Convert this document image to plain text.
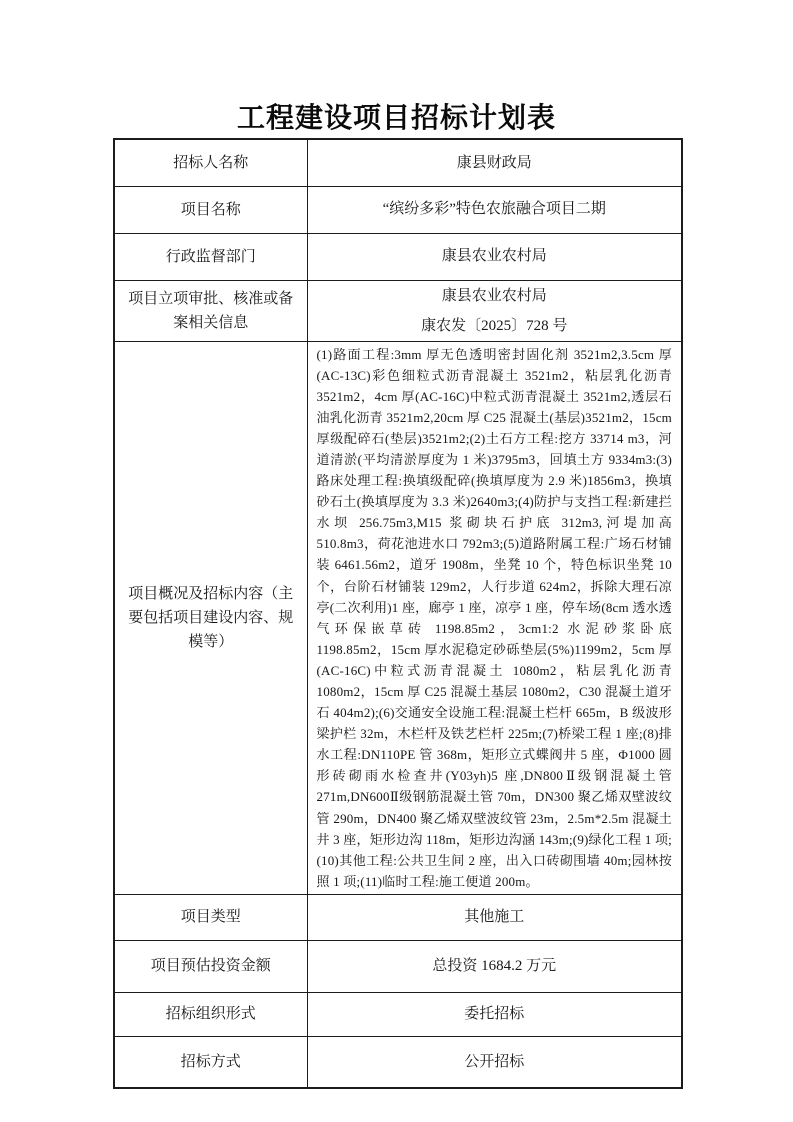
工程建设项目招标计划表
招标人名称	康县财政局
项目名称	“缤纷多彩”特色农旅融合项目二期
行政监督部门	康县农业农村局
项目立项审批、核准或备案相关信息	康县农业农村局
康农发〔2025〕728 号

项目概况及招标内容（主要包括项目建设内容、规模等）	(1)路面工程:3mm 厚无色透明密封固化剂 3521m2,3.5cm 厚(AC-13C)彩色细粒式沥青混凝土 3521m2，粘层乳化沥青 3521m2，4cm 厚(AC-16C)中粒式沥青混凝土 3521m2,透层石油乳化沥青 3521m2,20cm 厚 C25 混凝土(基层)3521m2，15cm 厚级配碎石(垫层)3521m2;(2)土石方工程:挖方 33714 m3，河道清淤(平均清淤厚度为 1 米)3795m3，回填土方 9334m3:(3)路床处理工程:换填级配碎(换填厚度为 2.9 米)1856m3，换填砂石土(换填厚度为 3.3 米)2640m3;(4)防护与支挡工程:新建拦水坝 256.75m3,M15 浆砌块石护底 312m3,河堤加高 510.8m3，荷花池进水口 792m3;(5)道路附属工程:广场石材铺装 6461.56m2，道牙 1908m，坐凳 10 个，特色标识坐凳 10 个，台阶石材铺装 129m2，人行步道 624m2，拆除大理石凉亭(二次利用)1 座，廊亭 1 座，凉亭 1 座，停车场(8cm 透水透气环保嵌草砖 1198.85m2，3cm1:2 水泥砂浆卧底 1198.85m2，15cm 厚水泥稳定砂砾垫层(5%)1199m2，5cm 厚(AC-16C)中粒式沥青混凝土 1080m2，粘层乳化沥青 1080m2，15cm 厚 C25 混凝土基层 1080m2，C30 混凝土道牙石 404m2);(6)交通安全设施工程:混凝土栏杆 665m，B 级波形梁护栏 32m，木栏杆及铁艺栏杆 225m;(7)桥梁工程 1 座;(8)排水工程:DN110PE 管 368m，矩形立式蝶阀井 5 座，Φ1000 圆形砖砌雨水检查井(Y03yh)5 座,DN800Ⅱ级钢混凝土管 271m,DN600Ⅱ级钢筋混凝土管 70m，DN300 聚乙烯双壁波纹管 290m，DN400 聚乙烯双壁波纹管 23m，2.5m*2.5m 混凝土井 3 座，矩形边沟 118m，矩形边沟涵 143m;(9)绿化工程 1 项;(10)其他工程:公共卫生间 2 座，出入口砖砌围墙 40m;园林按照 1 项;(11)临时工程:施工便道 200m。
项目类型	其他施工
项目预估投资金额	总投资 1684.2 万元
招标组织形式	委托招标
招标方式	公开招标
